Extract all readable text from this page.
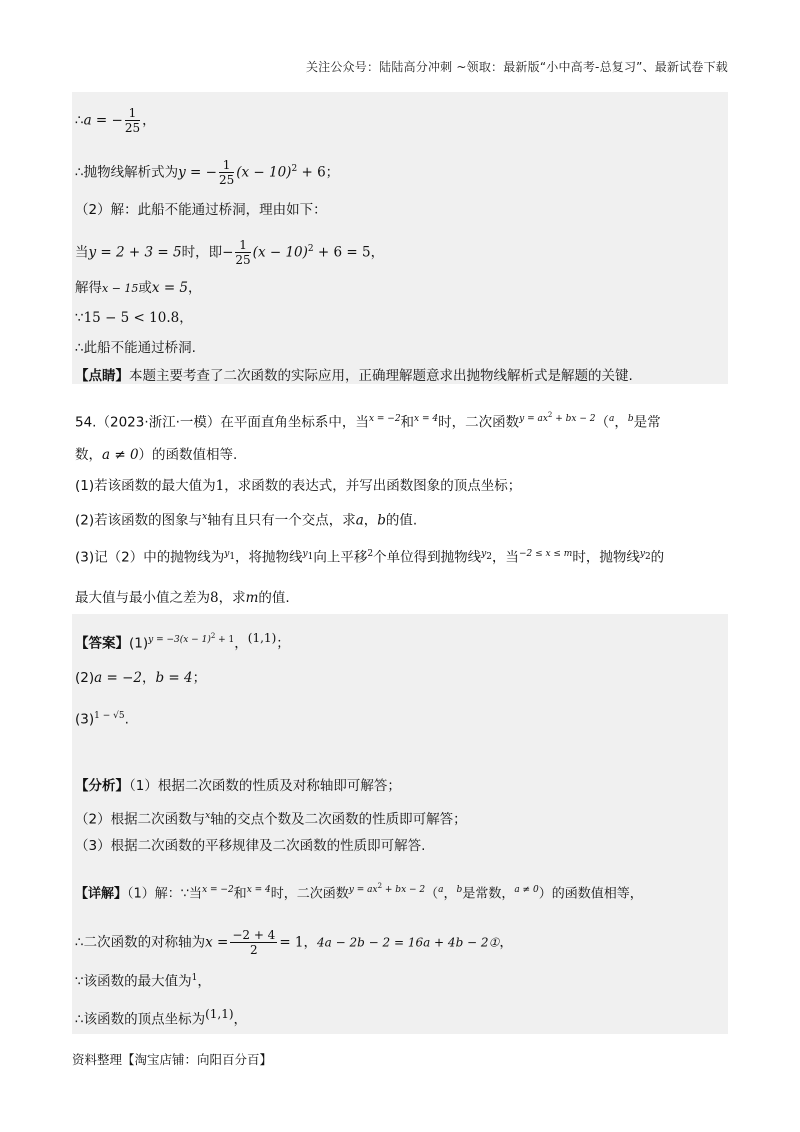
关注公众号：陆陆高分冲刺 ~领取：最新版“小中高考-总复习”、最新试卷下载
∴a = − $\frac{1}{25}$ ，
∴抛物线解析式为y = − $\frac{1}{25} (x - 10)^2 + 6$；
（2）解：此船不能通过桥洞，理由如下：
当y = 2 + 3 = 5时，即− $\frac{1}{25} (x - 10)^2 + 6 = 5$，
解得x − 15或x = 5，
∵15 − 5 < 10.8，
∴此船不能通过桥洞.
【点睛】本题主要考查了二次函数的实际应用，正确理解题意求出抛物线解析式是解题的关键.
54.（2023·浙江·一模）在平面直角坐标系中，当$^{x = -2}$和$^{x = 4}$时，二次函数$^{y = ax^2 + bx - 2}$（$^a$，$^b$是常
数，a ≠ 0）的函数值相等.
(1)若该函数的最大值为1，求函数的表达式，并写出函数图象的顶点坐标；
(2)若该函数的图象与$^x$轴有且只有一个交点，求a，b的值.
(3)记（2）中的抛物线为$^{y_1}$，将抛物线$^{y_1}$向上平移$^2$个单位得到抛物线$^{y_2}$，当$^{-2 \le x \le m}$时，抛物线$^{y_2}$的
最大值与最小值之差为8，求m的值.
【答案】$(1)^{y = -3(x - 1)^2 + 1}$，$^{(1,1)}$；
(2)a = −2，b = 4；
$(3)^{1 - √5}$.
【分析】（1）根据二次函数的性质及对称轴即可解答；
（2）根据二次函数与$^x$轴的交点个数及二次函数的性质即可解答；
（3）根据二次函数的平移规律及二次函数的性质即可解答.
【详解】（1）解：∵当$^{x = -2}$和$^{x = 4}$时，二次函数$^{y = ax^2 + bx - 2}$（$^a$，$^b$是常数，$^{a \ne 0}$）的函数值相等，
∴二次函数的对称轴为$x = \frac{-2 + 4}{2} = 1$，4a − 2b − 2 = 16a + 4b − 2①，
∵该函数的最大值为$^1$，
∴该函数的顶点坐标为$^{(1,1)}$，
资料整理【淘宝店铺：向阳百分百】
